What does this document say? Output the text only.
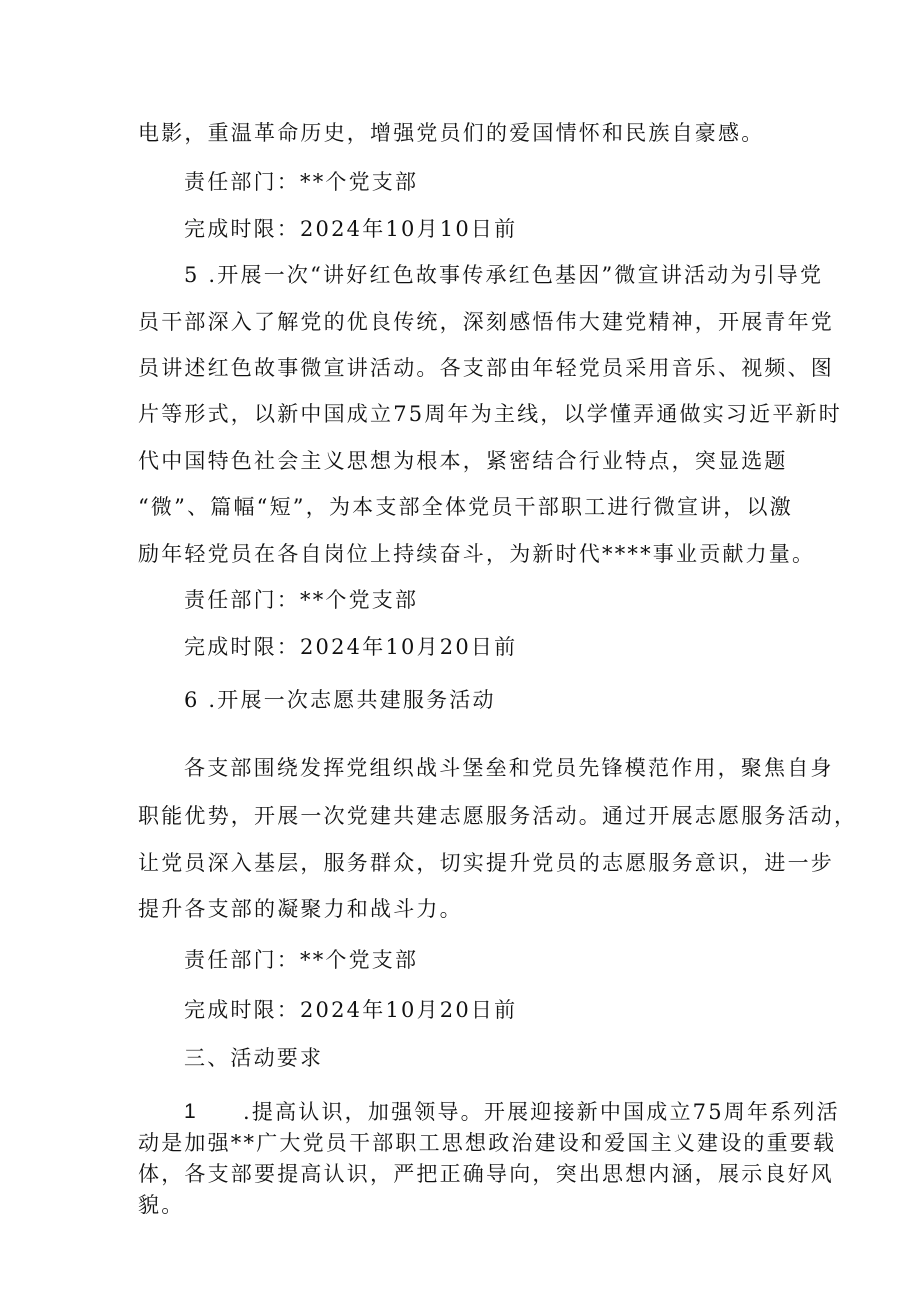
电影，重温革命历史，增强党员们的爱国情怀和民族自豪感。
责任部门：**个党支部
完成时限：2024年10月10日前
5 .开展一次“讲好红色故事传承红色基因”微宣讲活动为引导党
员干部深入了解党的优良传统，深刻感悟伟大建党精神，开展青年党
员讲述红色故事微宣讲活动。各支部由年轻党员采用音乐、视频、图
片等形式，以新中国成立75周年为主线，以学懂弄通做实习近平新时
代中国特色社会主义思想为根本，紧密结合行业特点，突显选题
“微”、篇幅“短”，为本支部全体党员干部职工进行微宣讲，以激
励年轻党员在各自岗位上持续奋斗，为新时代****事业贡献力量。
责任部门：**个党支部
完成时限：2024年10月20日前
6 .开展一次志愿共建服务活动
各支部围绕发挥党组织战斗堡垒和党员先锋模范作用，聚焦自身
职能优势，开展一次党建共建志愿服务活动。通过开展志愿服务活动，
让党员深入基层，服务群众，切实提升党员的志愿服务意识，进一步
提升各支部的凝聚力和战斗力。
责任部门：**个党支部
完成时限：2024年10月20日前
三、活动要求
1 .提高认识，加强领导。开展迎接新中国成立75周年系列活
动是加强**广大党员干部职工思想政治建设和爱国主义建设的重要载
体，各支部要提高认识，严把正确导向，突出思想内涵，展示良好风
貌。
